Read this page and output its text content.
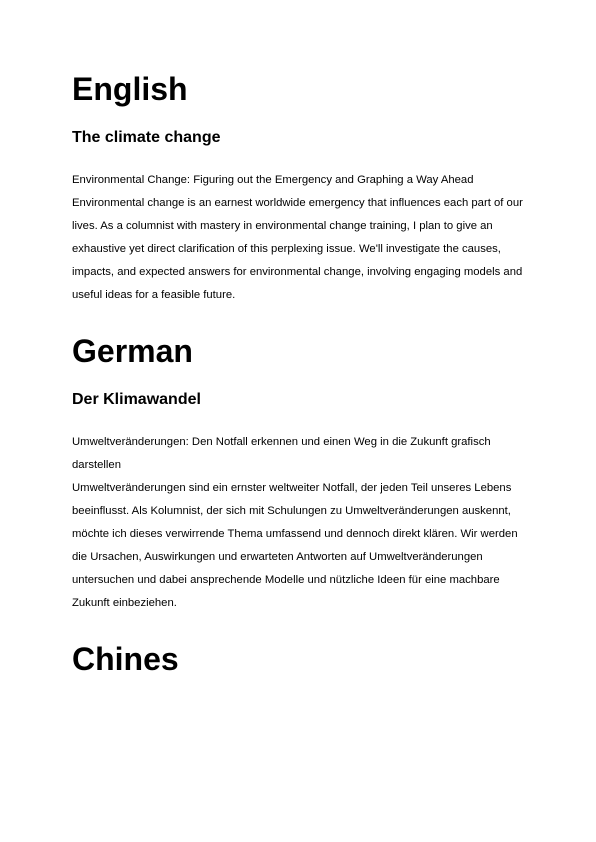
English
The climate change

Environmental Change: Figuring out the Emergency and Graphing a Way Ahead
Environmental change is an earnest worldwide emergency that influences each part of our lives. As a columnist with mastery in environmental change training, I plan to give an exhaustive yet direct clarification of this perplexing issue. We'll investigate the causes, impacts, and expected answers for environmental change, involving engaging models and useful ideas for a feasible future.

German
Der Klimawandel

Umweltveränderungen: Den Notfall erkennen und einen Weg in die Zukunft grafisch darstellen
Umweltveränderungen sind ein ernster weltweiter Notfall, der jeden Teil unseres Lebens beeinflusst. Als Kolumnist, der sich mit Schulungen zu Umweltveränderungen auskennt, möchte ich dieses verwirrende Thema umfassend und dennoch direkt klären. Wir werden die Ursachen, Auswirkungen und erwarteten Antworten auf Umweltveränderungen untersuchen und dabei ansprechende Modelle und nützliche Ideen für eine machbare Zukunft einbeziehen.

Chines
